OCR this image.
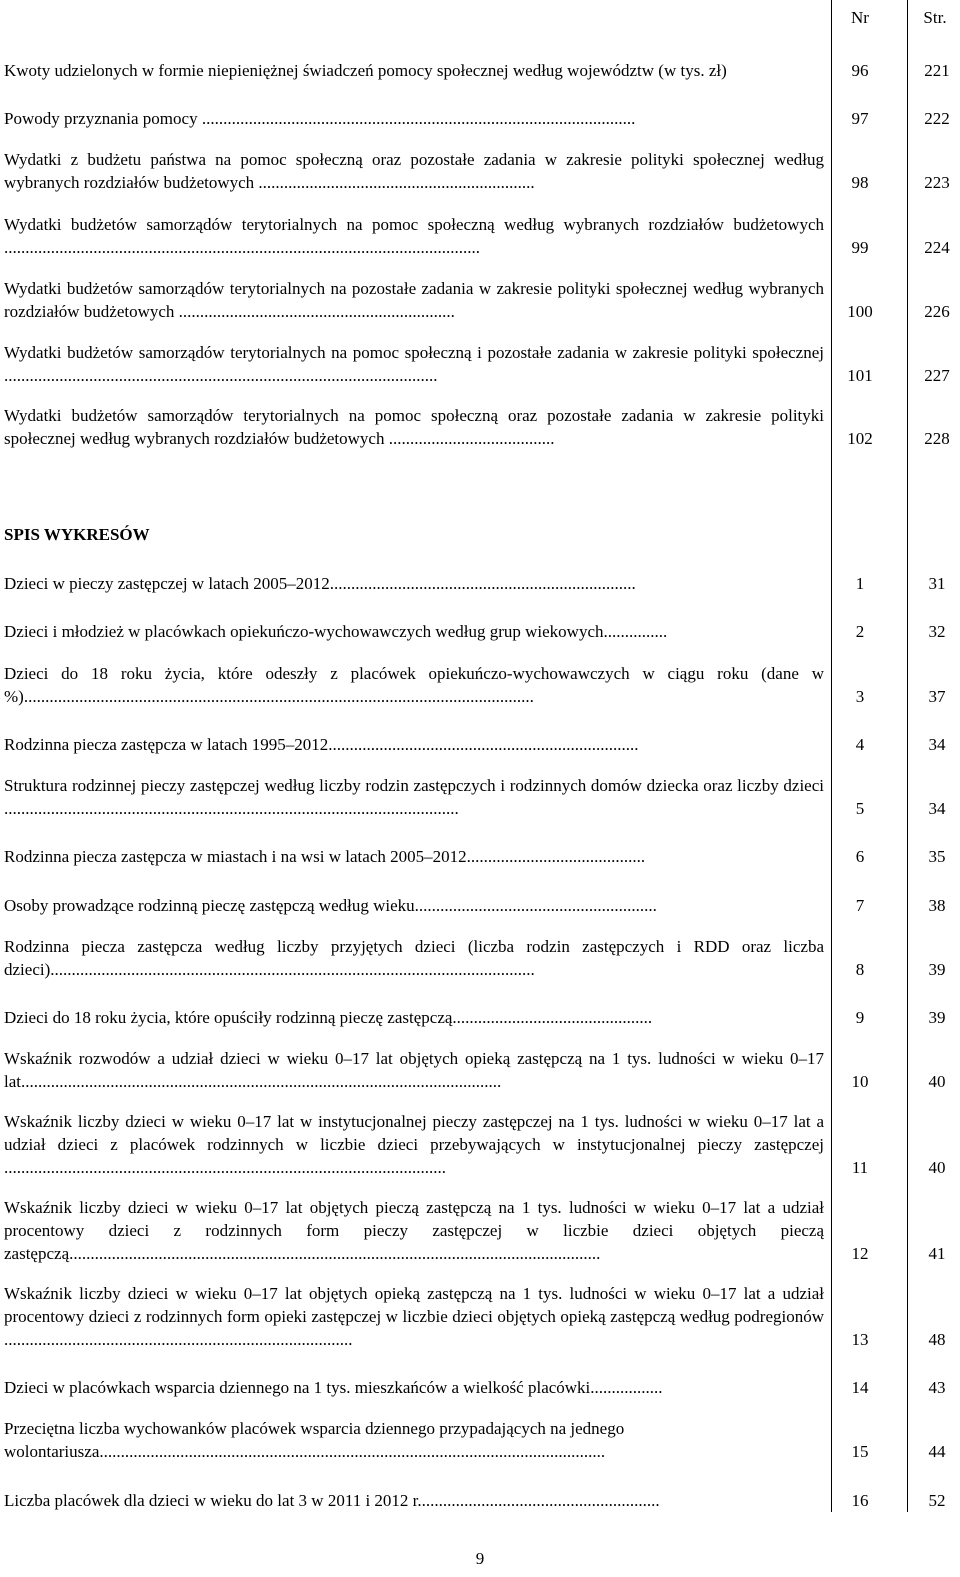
Nr	Str.
Kwoty udzielonych w formie niepieniężnej świadczeń pomocy społecznej według województw (w tys. zł)	96	221
Powody przyznania pomocy ......................................................................................................	97	222
Wydatki z budżetu państwa na pomoc społeczną oraz pozostałe zadania w zakresie polityki społecznej według wybranych rozdziałów budżetowych .................................................................	98	223
Wydatki budżetów samorządów terytorialnych na pomoc społeczną według wybranych rozdziałów budżetowych ................................................................................................................	99	224
Wydatki budżetów samorządów terytorialnych na pozostałe zadania w zakresie polityki społecznej według wybranych rozdziałów budżetowych .................................................................	100	226
Wydatki budżetów samorządów terytorialnych na pomoc społeczną i pozostałe zadania w zakresie polityki społecznej ......................................................................................................	101	227
Wydatki budżetów samorządów terytorialnych na pomoc społeczną oraz pozostałe zadania w zakresie polityki społecznej według wybranych rozdziałów budżetowych .......................................	102	228
SPIS WYKRESÓW
Dzieci w pieczy zastępczej w latach 2005–2012........................................................................	1	31
Dzieci i młodzież w placówkach opiekuńczo-wychowawczych według grup wiekowych...............	2	32
Dzieci do 18 roku życia, które odeszły z placówek opiekuńczo-wychowawczych w ciągu roku (dane w %)........................................................................................................................	3	37
Rodzinna piecza zastępcza w latach 1995–2012.........................................................................	4	34
Struktura rodzinnej pieczy zastępczej według liczby rodzin zastępczych i rodzinnych domów dziecka oraz liczby dzieci ...........................................................................................................	5	34
Rodzinna piecza zastępcza w miastach i na wsi w latach 2005–2012..........................................	6	35
Osoby prowadzące rodzinną pieczę zastępczą według wieku.........................................................	7	38
Rodzinna piecza zastępcza według liczby przyjętych dzieci (liczba rodzin zastępczych i RDD oraz liczba dzieci)..................................................................................................................	8	39
Dzieci do 18 roku życia, które opuściły rodzinną pieczę zastępczą...............................................	9	39
Wskaźnik rozwodów a udział dzieci w wieku 0–17 lat objętych opieką zastępczą na 1 tys. ludności w wieku 0–17 lat.................................................................................................................	10	40
Wskaźnik liczby dzieci w wieku 0–17 lat w instytucjonalnej pieczy zastępczej na 1 tys. ludności w wieku 0–17 lat a udział dzieci z placówek rodzinnych w liczbie dzieci przebywających w instytucjonalnej pieczy zastępczej ........................................................................................................	11	40
Wskaźnik liczby dzieci w wieku 0–17 lat objętych pieczą zastępczą na 1 tys. ludności w wieku 0–17 lat a udział procentowy dzieci z rodzinnych form pieczy zastępczej w liczbie dzieci objętych pieczą zastępczą.............................................................................................................................	12	41
Wskaźnik liczby dzieci w wieku 0–17 lat objętych opieką zastępczą na 1 tys. ludności w wieku 0–17 lat a udział procentowy dzieci z rodzinnych form opieki zastępczej w liczbie dzieci objętych opieką zastępczą według podregionów ..................................................................................	13	48
Dzieci w placówkach wsparcia dziennego na 1 tys. mieszkańców a wielkość placówki.................	14	43
Przeciętna liczba wychowanków placówek wsparcia dziennego przypadających na jednego wolontariusza.......................................................................................................................	15	44
Liczba placówek dla dzieci w wieku do lat 3 w 2011 i 2012 r.........................................................	16	52
9
